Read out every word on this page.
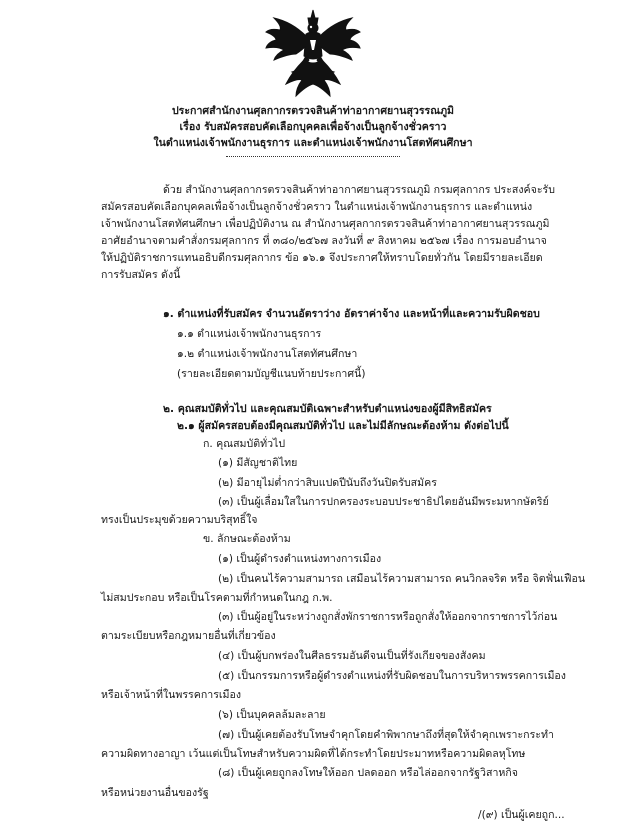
ประกาศสำนักงานศุลกากรตรวจสินค้าท่าอากาศยานสุวรรณภูมิ
เรื่อง รับสมัครสอบคัดเลือกบุคคลเพื่อจ้างเป็นลูกจ้างชั่วคราว
ในตำแหน่งเจ้าพนักงานธุรการ และตำแหน่งเจ้าพนักงานโสตทัศนศึกษา
ด้วย สำนักงานศุลกากรตรวจสินค้าท่าอากาศยานสุวรรณภูมิ กรมศุลกากร ประสงค์จะรับ
สมัครสอบคัดเลือกบุคคลเพื่อจ้างเป็นลูกจ้างชั่วคราว ในตำแหน่งเจ้าพนักงานธุรการ และตำแหน่ง
เจ้าพนักงานโสตทัศนศึกษา เพื่อปฏิบัติงาน ณ สำนักงานศุลกากรตรวจสินค้าท่าอากาศยานสุวรรณภูมิ
อาศัยอำนาจตามคำสั่งกรมศุลกากร ที่ ๓๘๐/๒๕๖๗ ลงวันที่ ๙ สิงหาคม ๒๕๖๗ เรื่อง การมอบอำนาจ
ให้ปฏิบัติราชการแทนอธิบดีกรมศุลกากร ข้อ ๑๖.๑ จึงประกาศให้ทราบโดยทั่วกัน โดยมีรายละเอียด
การรับสมัคร ดังนี้
๑. ตำแหน่งที่รับสมัคร จำนวนอัตราว่าง อัตราค่าจ้าง และหน้าที่และความรับผิดชอบ
๑.๑ ตำแหน่งเจ้าพนักงานธุรการ
๑.๒ ตำแหน่งเจ้าพนักงานโสตทัศนศึกษา
(รายละเอียดตามบัญชีแนบท้ายประกาศนี้)
๒. คุณสมบัติทั่วไป และคุณสมบัติเฉพาะสำหรับตำแหน่งของผู้มีสิทธิสมัคร
๒.๑ ผู้สมัครสอบต้องมีคุณสมบัติทั่วไป และไม่มีลักษณะต้องห้าม ดังต่อไปนี้
ก. คุณสมบัติทั่วไป
(๑) มีสัญชาติไทย
(๒) มีอายุไม่ต่ำกว่าสิบแปดปีนับถึงวันปิดรับสมัคร
(๓) เป็นผู้เลื่อมใสในการปกครองระบอบประชาธิปไตยอันมีพระมหากษัตริย์
ทรงเป็นประมุขด้วยความบริสุทธิ์ใจ
ข. ลักษณะต้องห้าม
(๑) เป็นผู้ดำรงตำแหน่งทางการเมือง
(๒) เป็นคนไร้ความสามารถ เสมือนไร้ความสามารถ คนวิกลจริต หรือ จิตฟั่นเฟือน
ไม่สมประกอบ หรือเป็นโรคตามที่กำหนดในกฎ ก.พ.
(๓) เป็นผู้อยู่ในระหว่างถูกสั่งพักราชการหรือถูกสั่งให้ออกจากราชการไว้ก่อน
ตามระเบียบหรือกฎหมายอื่นที่เกี่ยวข้อง
(๔) เป็นผู้บกพร่องในศีลธรรมอันดีจนเป็นที่รังเกียจของสังคม
(๕) เป็นกรรมการหรือผู้ดำรงตำแหน่งที่รับผิดชอบในการบริหารพรรคการเมือง
หรือเจ้าหน้าที่ในพรรคการเมือง
(๖) เป็นบุคคลล้มละลาย
(๗) เป็นผู้เคยต้องรับโทษจำคุกโดยคำพิพากษาถึงที่สุดให้จำคุกเพราะกระทำ
ความผิดทางอาญา เว้นแต่เป็นโทษสำหรับความผิดที่ได้กระทำโดยประมาทหรือความผิดลหุโทษ
(๘) เป็นผู้เคยถูกลงโทษให้ออก ปลดออก หรือไล่ออกจากรัฐวิสาหกิจ
หรือหน่วยงานอื่นของรัฐ
/(๙) เป็นผู้เคยถูก...
